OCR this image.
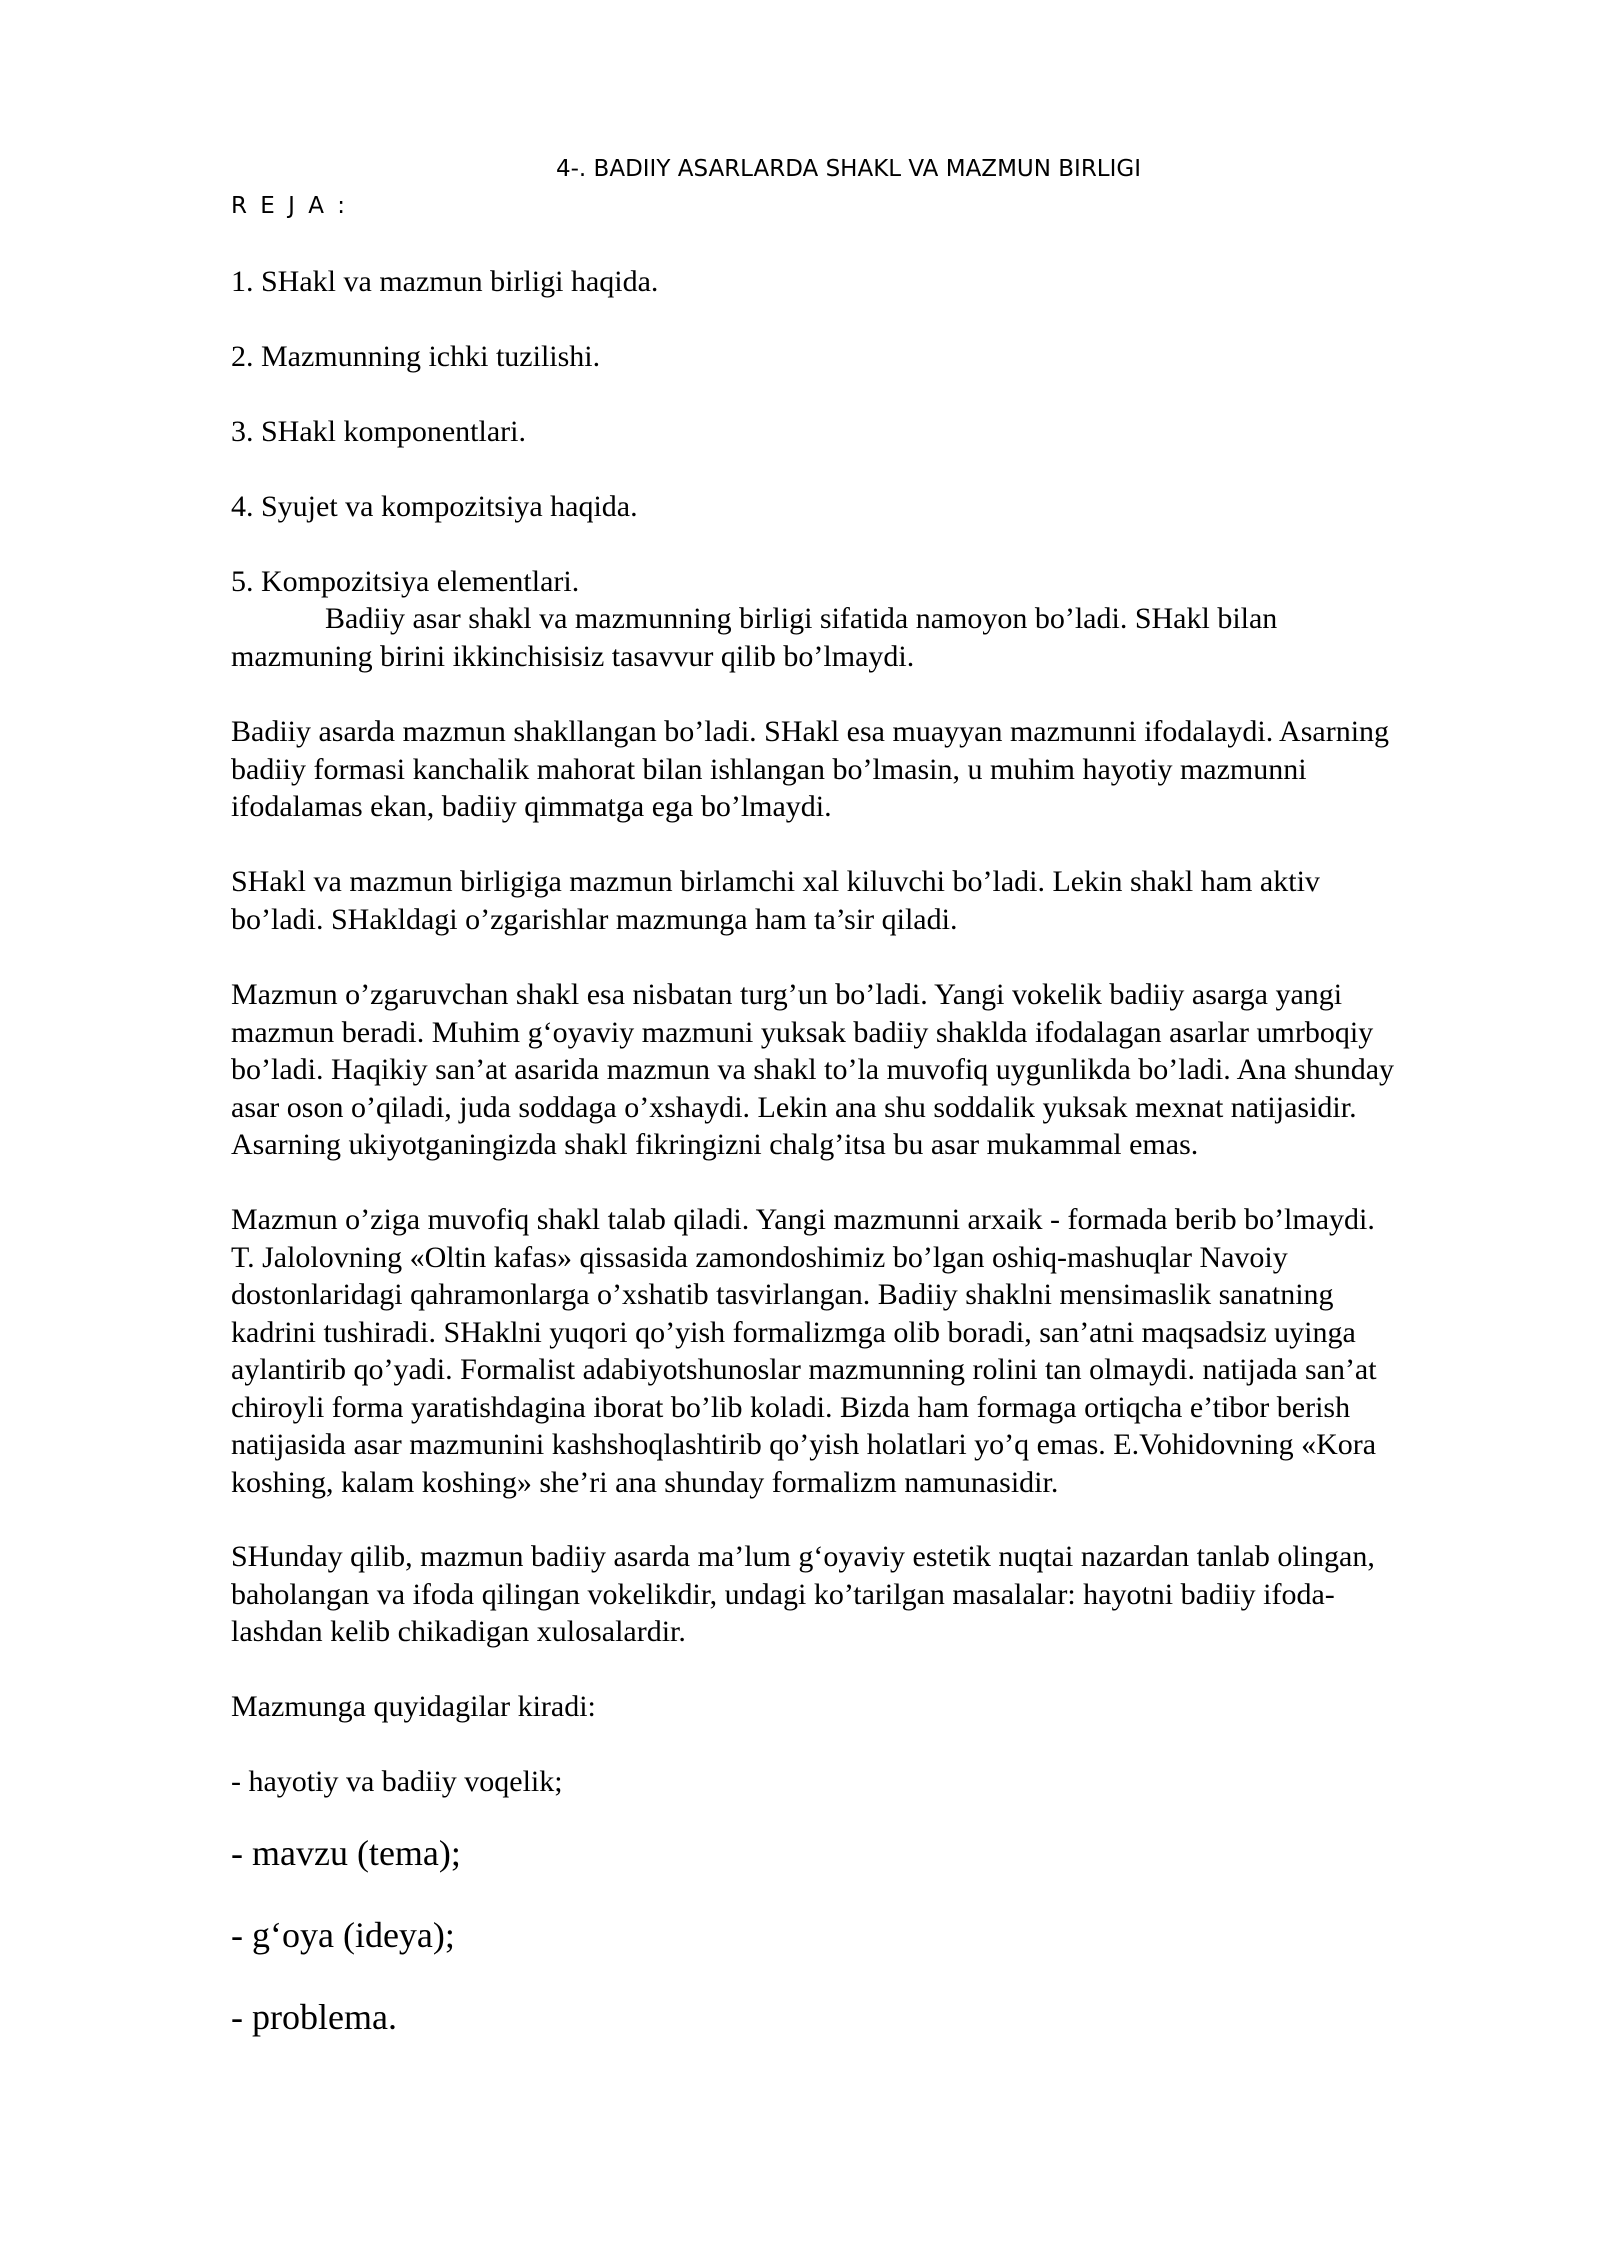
4-. BADIIY ASARLARDA SHAKL VA MAZMUN BIRLIGI
R E J A :
1. SHakl va mazmun birligi haqida.
2. Mazmunning ichki tuzilishi.
3. SHakl komponentlari.
4. Syujet va kompozitsiya haqida.
5. Kompozitsiya elementlari.
Badiiy asar shakl va mazmunning birligi sifatida namoyon bo’ladi. SHakl bilan
mazmuning birini ikkinchisisiz tasavvur qilib bo’lmaydi.
Badiiy asarda mazmun shakllangan bo’ladi. SHakl esa muayyan mazmunni ifodalaydi. Asarning
badiiy formasi kanchalik mahorat bilan ishlangan bo’lmasin, u muhim hayotiy mazmunni
ifodalamas ekan, badiiy qimmatga ega bo’lmaydi.
SHakl va mazmun birligiga mazmun birlamchi xal kiluvchi bo’ladi. Lekin shakl ham aktiv
bo’ladi. SHakldagi o’zgarishlar mazmunga ham ta’sir qiladi.
Mazmun o’zgaruvchan shakl esa nisbatan turg’un bo’ladi. Yangi vokelik badiiy asarga yangi
mazmun beradi. Muhim g‘oyaviy mazmuni yuksak badiiy shaklda ifodalagan asarlar umrboqiy
bo’ladi. Haqikiy san’at asarida mazmun va shakl to’la muvofiq uygunlikda bo’ladi. Ana shunday
asar oson o’qiladi, juda soddaga o’xshaydi. Lekin ana shu soddalik yuksak mexnat natijasidir.
Asarning ukiyotganingizda shakl fikringizni chalg’itsa bu asar mukammal emas.
Mazmun o’ziga muvofiq shakl talab qiladi. Yangi mazmunni arxaik - formada berib bo’lmaydi.
T. Jalolovning «Oltin kafas» qissasida zamondoshimiz bo’lgan oshiq-mashuqlar Navoiy
dostonlaridagi qahramonlarga o’xshatib tasvirlangan. Badiiy shaklni mensimaslik sanatning
kadrini tushiradi. SHaklni yuqori qo’yish formalizmga olib boradi, san’atni maqsadsiz uyinga
aylantirib qo’yadi. Formalist adabiyotshunoslar mazmunning rolini tan olmaydi. natijada san’at
chiroyli forma yaratishdagina iborat bo’lib koladi. Bizda ham formaga ortiqcha e’tibor berish
natijasida asar mazmunini kashshoqlashtirib qo’yish holatlari yo’q emas. E.Vohidovning «Kora
koshing, kalam koshing» she’ri ana shunday formalizm namunasidir.
SHunday qilib, mazmun badiiy asarda ma’lum g‘oyaviy estetik nuqtai nazardan tanlab olingan,
baholangan va ifoda qilingan vokelikdir, undagi ko’tarilgan masalalar: hayotni badiiy ifoda-
lashdan kelib chikadigan xulosalardir.
Mazmunga quyidagilar kiradi:
- hayotiy va badiiy voqelik;
- mavzu (tema);
- g‘oya (ideya);
- problema.
